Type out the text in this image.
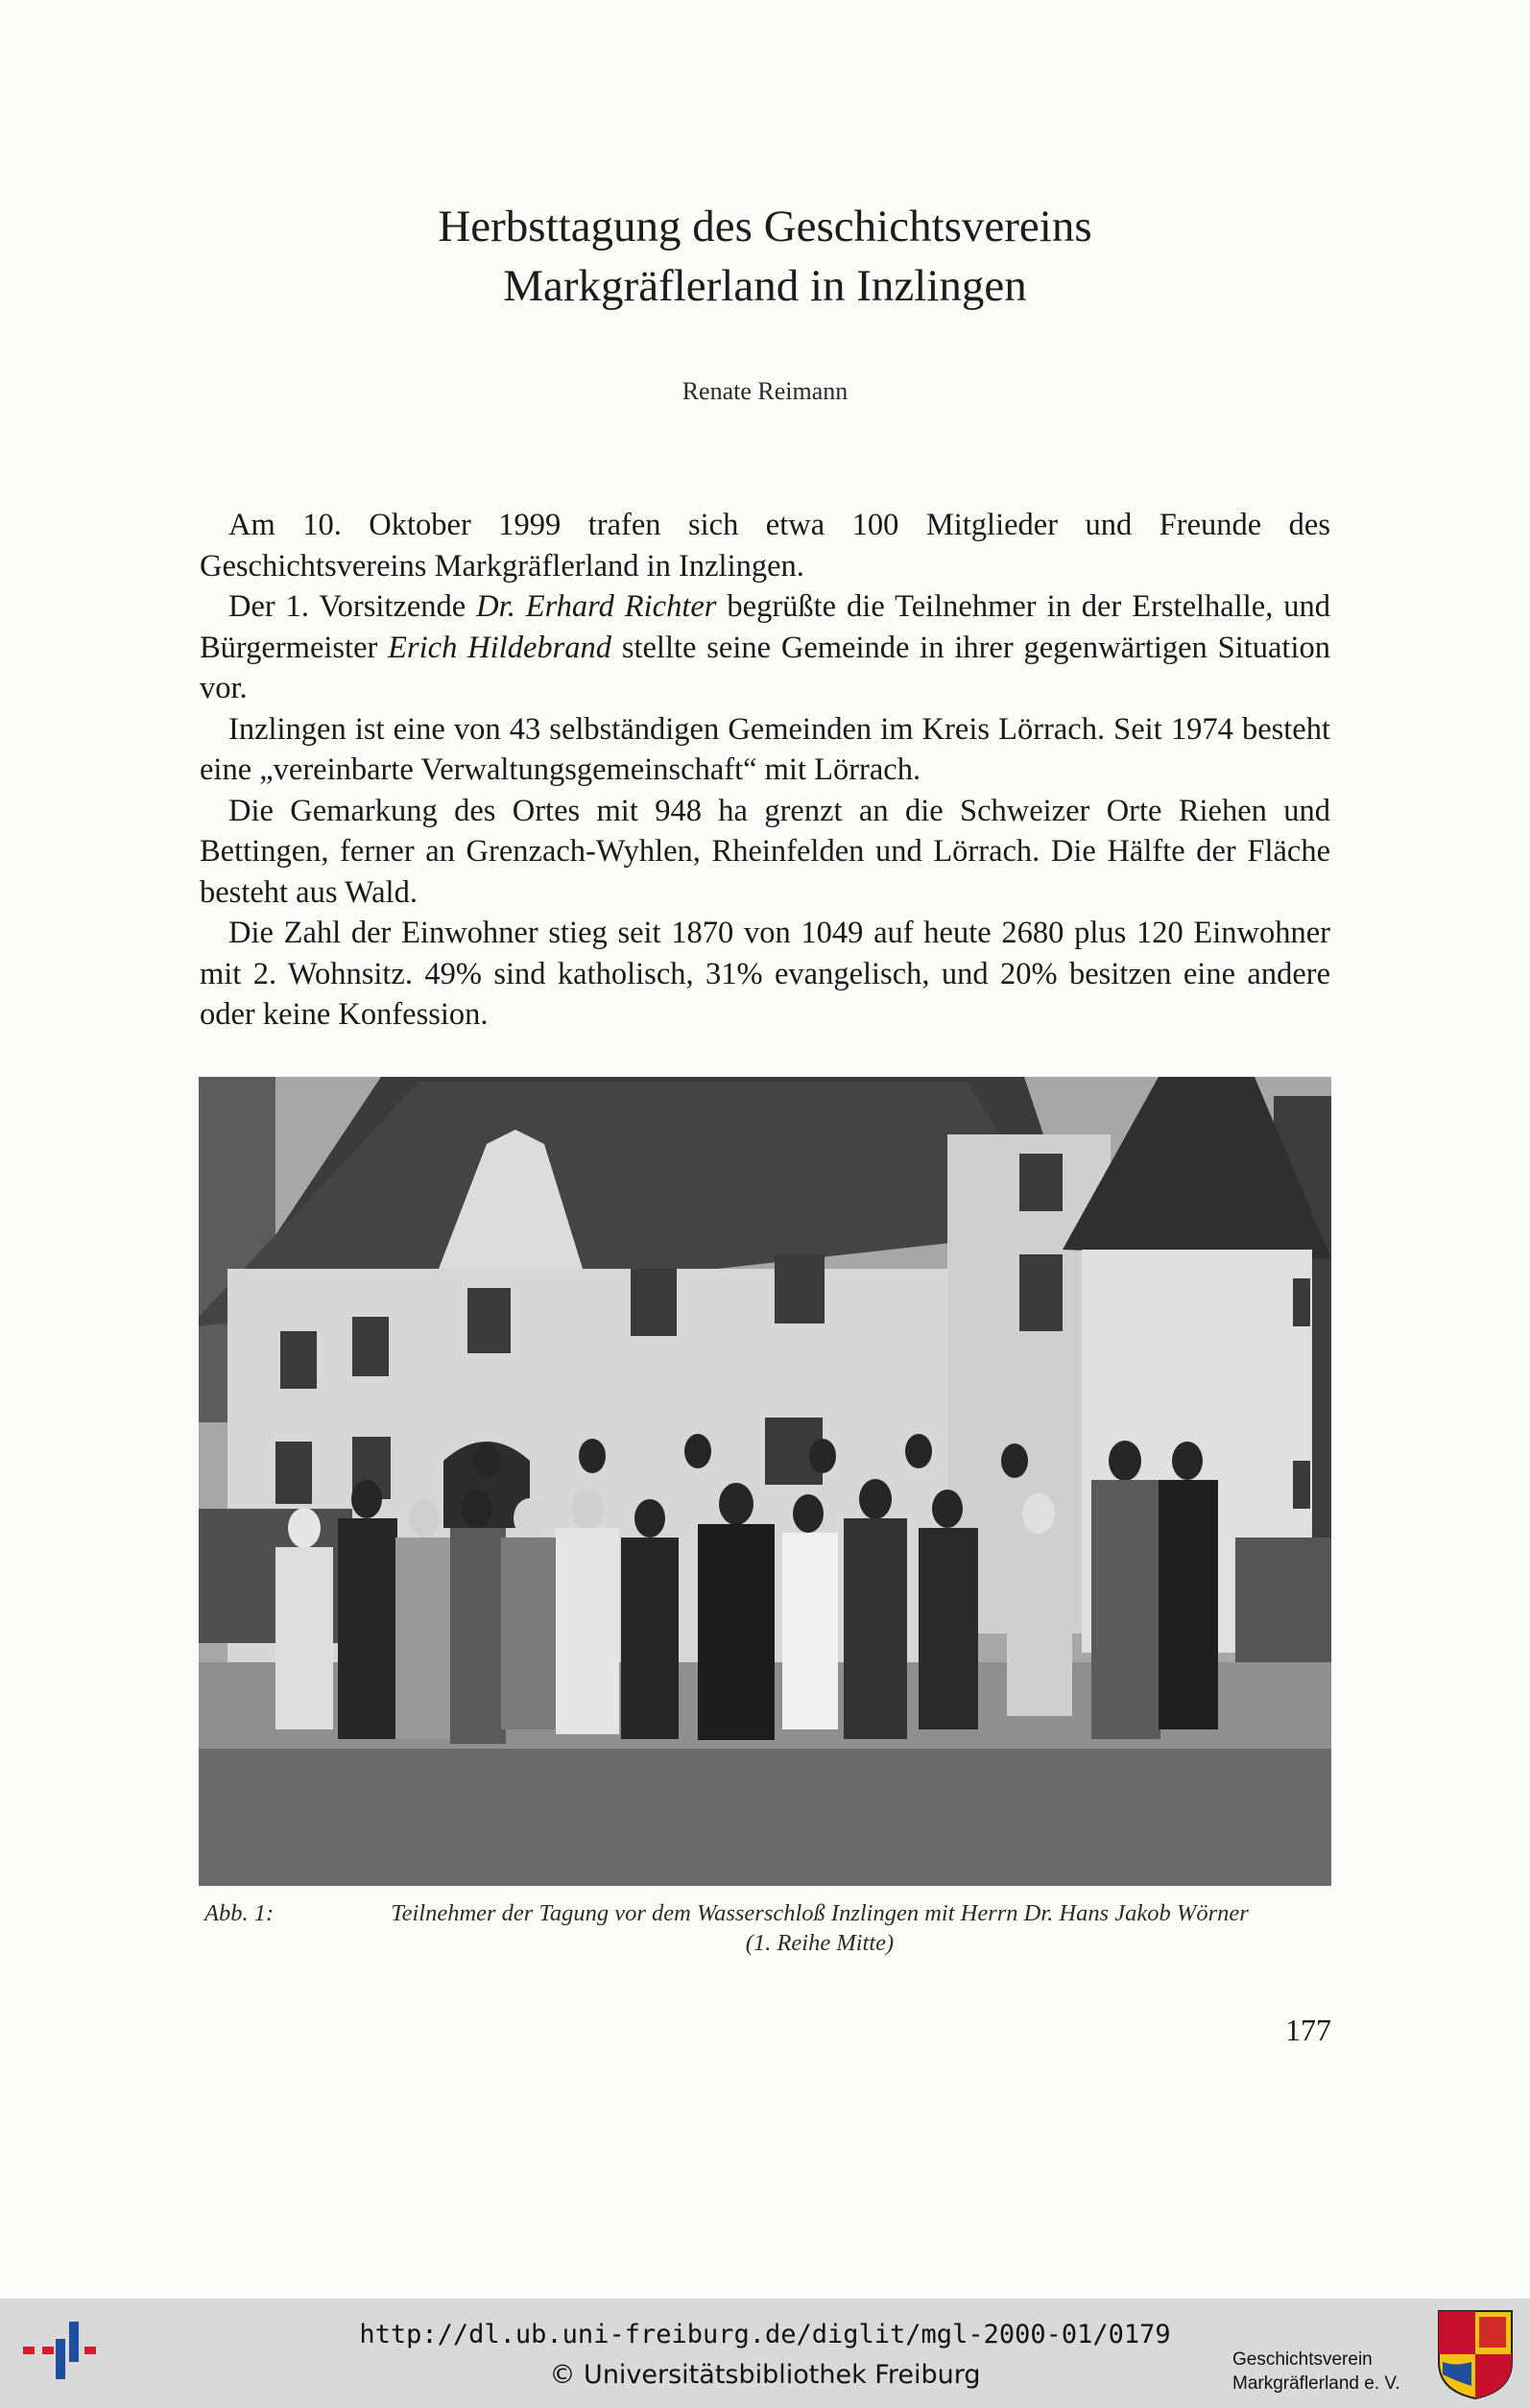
Herbsttagung des Geschichtsvereins
Markgräflerland in Inzlingen
Renate Reimann

Am 10. Oktober 1999 trafen sich etwa 100 Mitglieder und Freunde des Geschichtsvereins Markgräflerland in Inzlingen.

Der 1. Vorsitzende Dr. Erhard Richter begrüßte die Teilnehmer in der Erstelhalle, und Bürgermeister Erich Hildebrand stellte seine Gemeinde in ihrer gegenwärtigen Situation vor.

Inzlingen ist eine von 43 selbständigen Gemeinden im Kreis Lörrach. Seit 1974 besteht eine „vereinbarte Verwaltungsgemeinschaft“ mit Lörrach.

Die Gemarkung des Ortes mit 948 ha grenzt an die Schweizer Orte Riehen und Bettingen, ferner an Grenzach-Wyhlen, Rheinfelden und Lörrach. Die Hälfte der Fläche besteht aus Wald.

Die Zahl der Einwohner stieg seit 1870 von 1049 auf heute 2680 plus 120 Einwohner mit 2. Wohnsitz. 49% sind katholisch, 31% evangelisch, und 20% besitzen eine andere oder keine Konfession.

Abb. 1:	Teilnehmer der Tagung vor dem Wasserschloß Inzlingen mit Herrn Dr. Hans Jakob Wörner
(1. Reihe Mitte)
177
http://dl.ub.uni-freiburg.de/diglit/mgl-2000-01/0179
© Universitätsbibliothek Freiburg
Geschichtsverein
Markgräflerland e. V.
